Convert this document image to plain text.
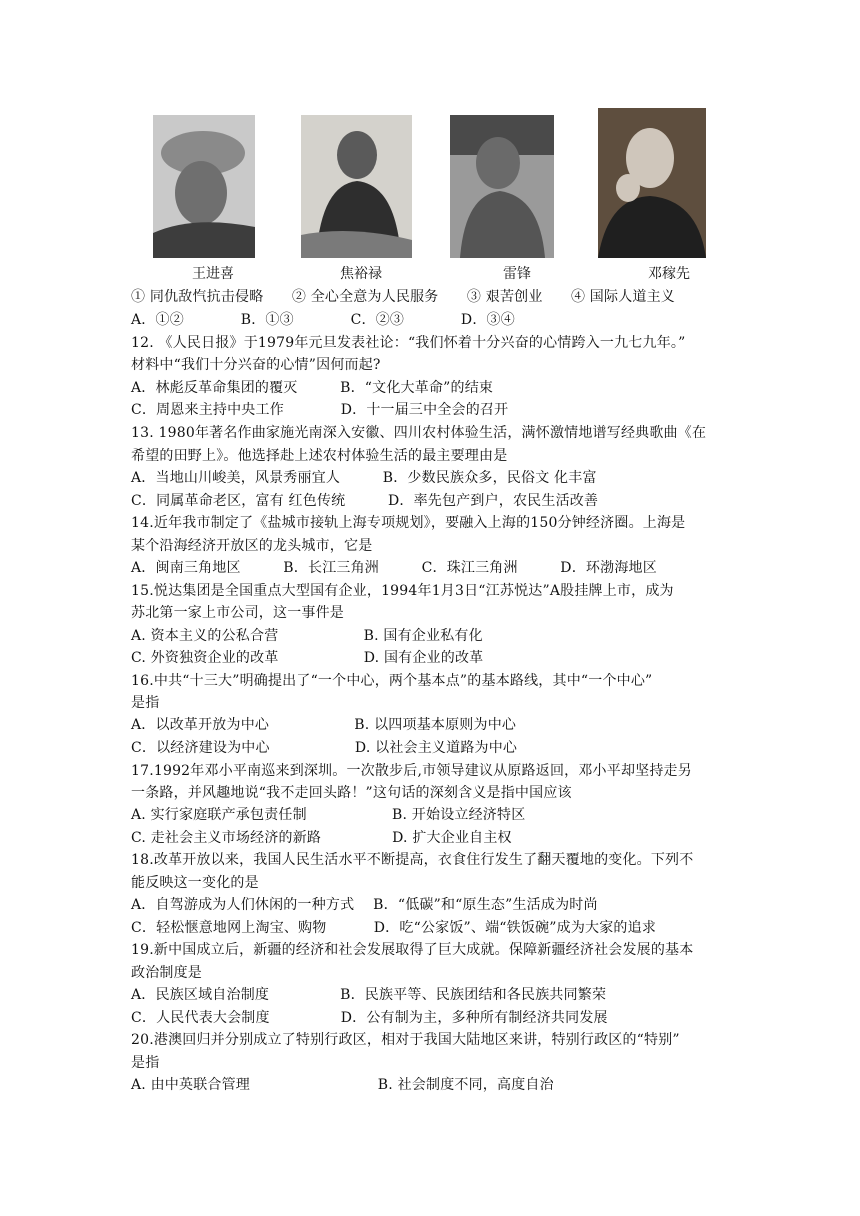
王进喜	焦裕禄	雷锋	邓稼先
① 同仇敌忾抗击侵略　　② 全心全意为人民服务　　③ 艰苦创业　　④ 国际人道主义
A．①②　　　　B．①③　　　　C．②③　　　　D．③④
12. 《人民日报》于1979年元旦发表社论：“我们怀着十分兴奋的心情跨入一九七九年。”
材料中“我们十分兴奋的心情”因何而起?
A．林彪反革命集团的覆灭　　　B．“文化大革命”的结束
C．周恩来主持中央工作　　　　D．十一届三中全会的召开
13. 1980年著名作曲家施光南深入安徽、四川农村体验生活，满怀激情地谱写经典歌曲《在
希望的田野上》。他选择赴上述农村体验生活的最主要理由是
A．当地山川峻美，风景秀丽宜人　　　B．少数民族众多，民俗文 化丰富
C．同属革命老区，富有 红色传统　　　D．率先包产到户，农民生活改善
14.近年我市制定了《盐城市接轨上海专项规划》，要融入上海的150分钟经济圈。上海是
某个沿海经济开放区的龙头城市，它是
A．闽南三角地区　　　B．长江三角洲　　　C．珠江三角洲　　　D．环渤海地区
15.悦达集团是全国重点大型国有企业，1994年1月3日“江苏悦达”A股挂牌上市，成为
苏北第一家上市公司，这一事件是
A. 资本主义的公私合营　　　　　　B. 国有企业私有化
C. 外资独资企业的改革　　　　　　D. 国有企业的改革
16.中共“十三大”明确提出了“一个中心，两个基本点”的基本路线，其中“一个中心”
是指
A．以改革开放为中心　　　　　　B. 以四项基本原则为中心
C．以经济建设为中心　　　　　　D. 以社会主义道路为中心
17.1992年邓小平南巡来到深圳。一次散步后,市领导建议从原路返回，邓小平却坚持走另
一条路，并风趣地说“我不走回头路！”这句话的深刻含义是指中国应该
A. 实行家庭联产承包责任制　　　　　　B. 开始设立经济特区
C. 走社会主义市场经济的新路　　　　　D. 扩大企业自主权
18.改革开放以来，我国人民生活水平不断提高，衣食住行发生了翻天覆地的变化。下列不
能反映这一变化的是
A．自驾游成为人们休闲的一种方式　 B．“低碳”和“原生态”生活成为时尚
C．轻松惬意地网上淘宝、购物　　　 D．吃“公家饭”、端“铁饭碗”成为大家的追求
19.新中国成立后，新疆的经济和社会发展取得了巨大成就。保障新疆经济社会发展的基本
政治制度是
A．民族区域自治制度　　　　　B．民族平等、民族团结和各民族共同繁荣
C．人民代表大会制度　　　　　D．公有制为主，多种所有制经济共同发展
20.港澳回归并分别成立了特别行政区，相对于我国大陆地区来讲，特别行政区的“特别”
是指
A. 由中英联合管理　　　　　　　　　B. 社会制度不同，高度自治
